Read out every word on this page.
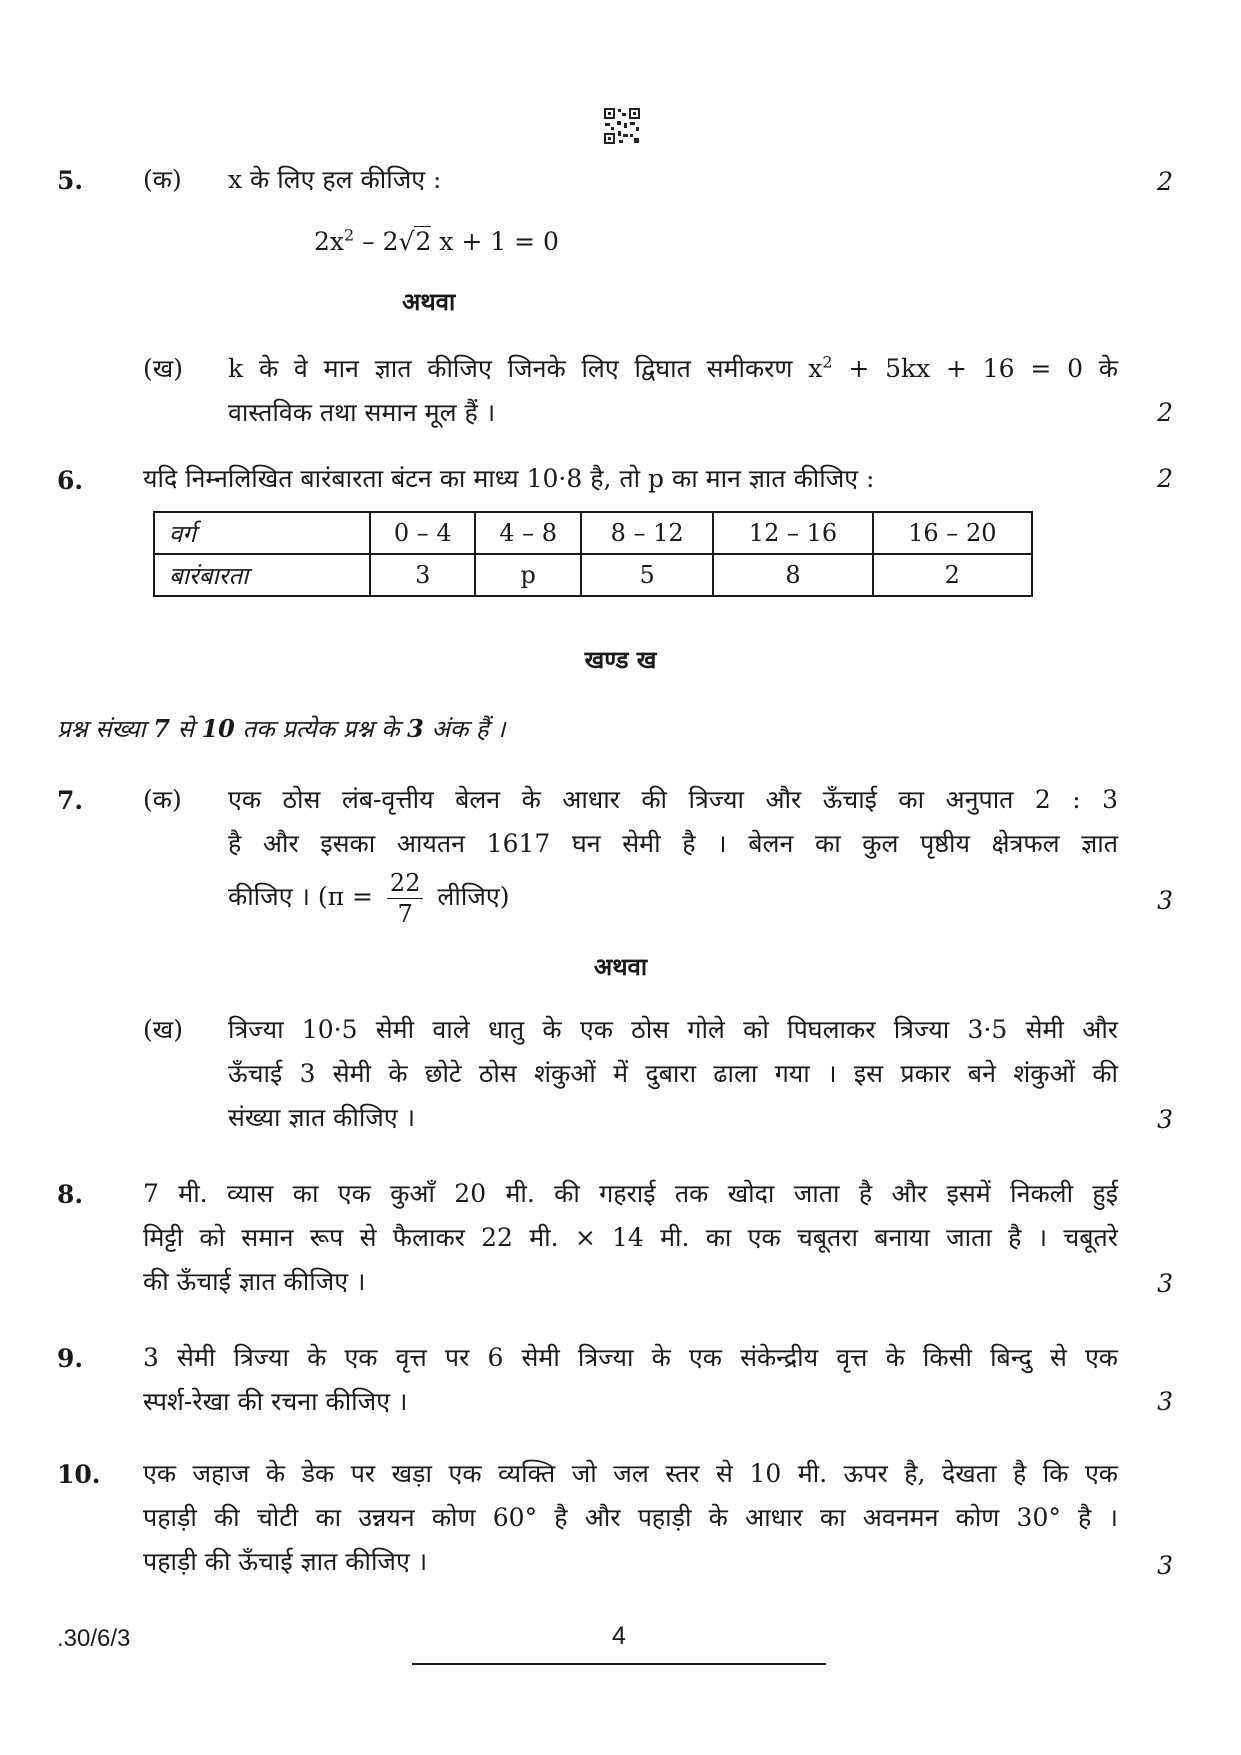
5. (क) x के लिए हल कीजिए :	2
$2x^2 - 2√2$ x + 1 = 0
अथवा
(ख) k के वे मान ज्ञात कीजिए जिनके लिए द्विघात समीकरण $x^2 + 5kx + 16 = 0$ के
वास्तविक तथा समान मूल हैं ।	2
6. यदि निम्नलिखित बारंबारता बंटन का माध्य 10·8 है, तो p का मान ज्ञात कीजिए :	2
वर्ग	0 – 4	4 – 8	8 – 12	12 – 16	16 – 20
बारंबारता	3	p	5	8	2
खण्ड ख
प्रश्न संख्या 7 से 10 तक प्रत्येक प्रश्न के 3 अंक हैं ।
7. (क) एक ठोस लंब-वृत्तीय बेलन के आधार की त्रिज्या और ऊँचाई का अनुपात 2 : 3
है और इसका आयतन 1617 घन सेमी है । बेलन का कुल पृष्ठीय क्षेत्रफल ज्ञात
कीजिए । ($\pi = \frac{22}{7}$ लीजिए)	3
अथवा
(ख) त्रिज्या 10·5 सेमी वाले धातु के एक ठोस गोले को पिघलाकर त्रिज्या 3·5 सेमी और
ऊँचाई 3 सेमी के छोटे ठोस शंकुओं में दुबारा ढाला गया । इस प्रकार बने शंकुओं की
संख्या ज्ञात कीजिए ।	3
8. 7 मी. व्यास का एक कुआँ 20 मी. की गहराई तक खोदा जाता है और इसमें निकली हुई
मिट्टी को समान रूप से फैलाकर 22 मी. × 14 मी. का एक चबूतरा बनाया जाता है । चबूतरे
की ऊँचाई ज्ञात कीजिए ।	3
9. 3 सेमी त्रिज्या के एक वृत्त पर 6 सेमी त्रिज्या के एक संकेन्द्रीय वृत्त के किसी बिन्दु से एक
स्पर्श-रेखा की रचना कीजिए ।	3
10. एक जहाज के डेक पर खड़ा एक व्यक्ति जो जल स्तर से 10 मी. ऊपर है, देखता है कि एक
पहाड़ी की चोटी का उन्नयन कोण 60° है और पहाड़ी के आधार का अवनमन कोण 30° है ।
पहाड़ी की ऊँचाई ज्ञात कीजिए ।	3
.30/6/3	4
